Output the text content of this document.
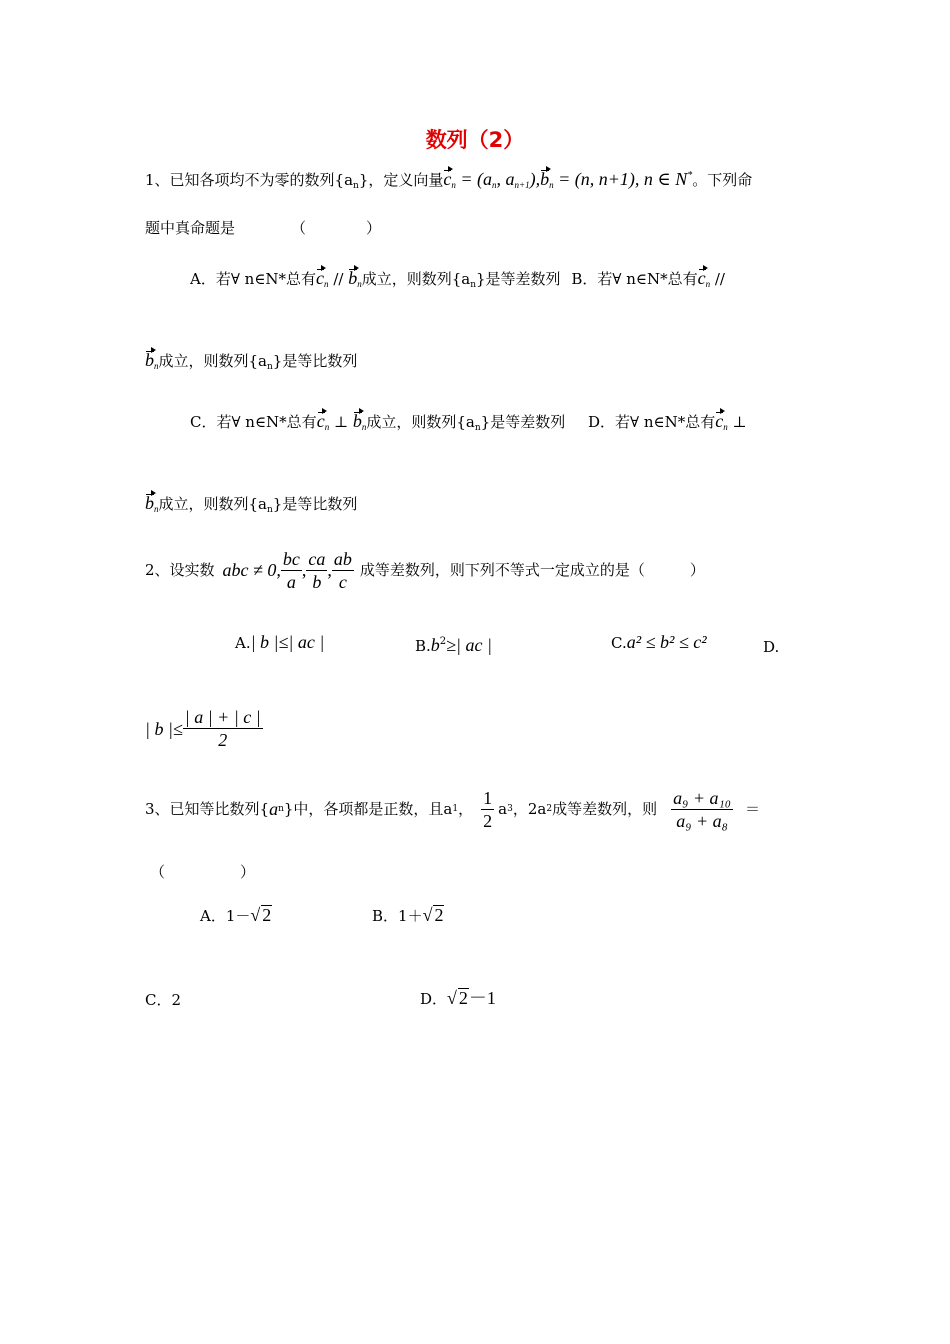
数列（2）
1、已知各项均不为零的数列$\{a_n\}$，定义向量$c_n = (a_n$, $a_{n+1}),b_n = (n$, n+1), n ∈ N*。下列命
题中真命题是	（　　　　）
A．若∀ n∈N*总有$c_n // b_n$成立，则数列$\{a_n\}$是等差数列 B．若∀ n∈N*总有$c_n$ //
$b_n$成立，则数列$\{a_n\}$是等比数列
C．若∀ n∈N*总有$c_n$ ⊥ $b_n$成立，则数列$\{a_n\}$是等差数列 D．若∀ n∈N*总有$c_n$ ⊥
$b_n$成立，则数列$\{a_n\}$是等比数列
2、设实数 abc ≠ 0, $\frac{bc}{a}$ , $\frac{ca}{b}$ , $\frac{ab}{c}$ 成等差数列，则下列不等式一定成立的是（　　　）
A.| b |≤| ac |	$B.b^2\ge|$ ac |	C.a² ≤ b² ≤ c²	D.
| b |≤ $\frac{| a | + | c |}{2}$
3、已知等比数列{ a n }中，各项都是正数，且a 1 ， $\frac{1}{2}$ a 3 ，2a 2 成等差数列，则 $\frac{\text{a₉ + a₁₀}}{\text{a₉ + a₈}}$ ＝
（　　　　　）
A．1－√ 2	B．1＋√ 2
C．2	D．√ 2－1
